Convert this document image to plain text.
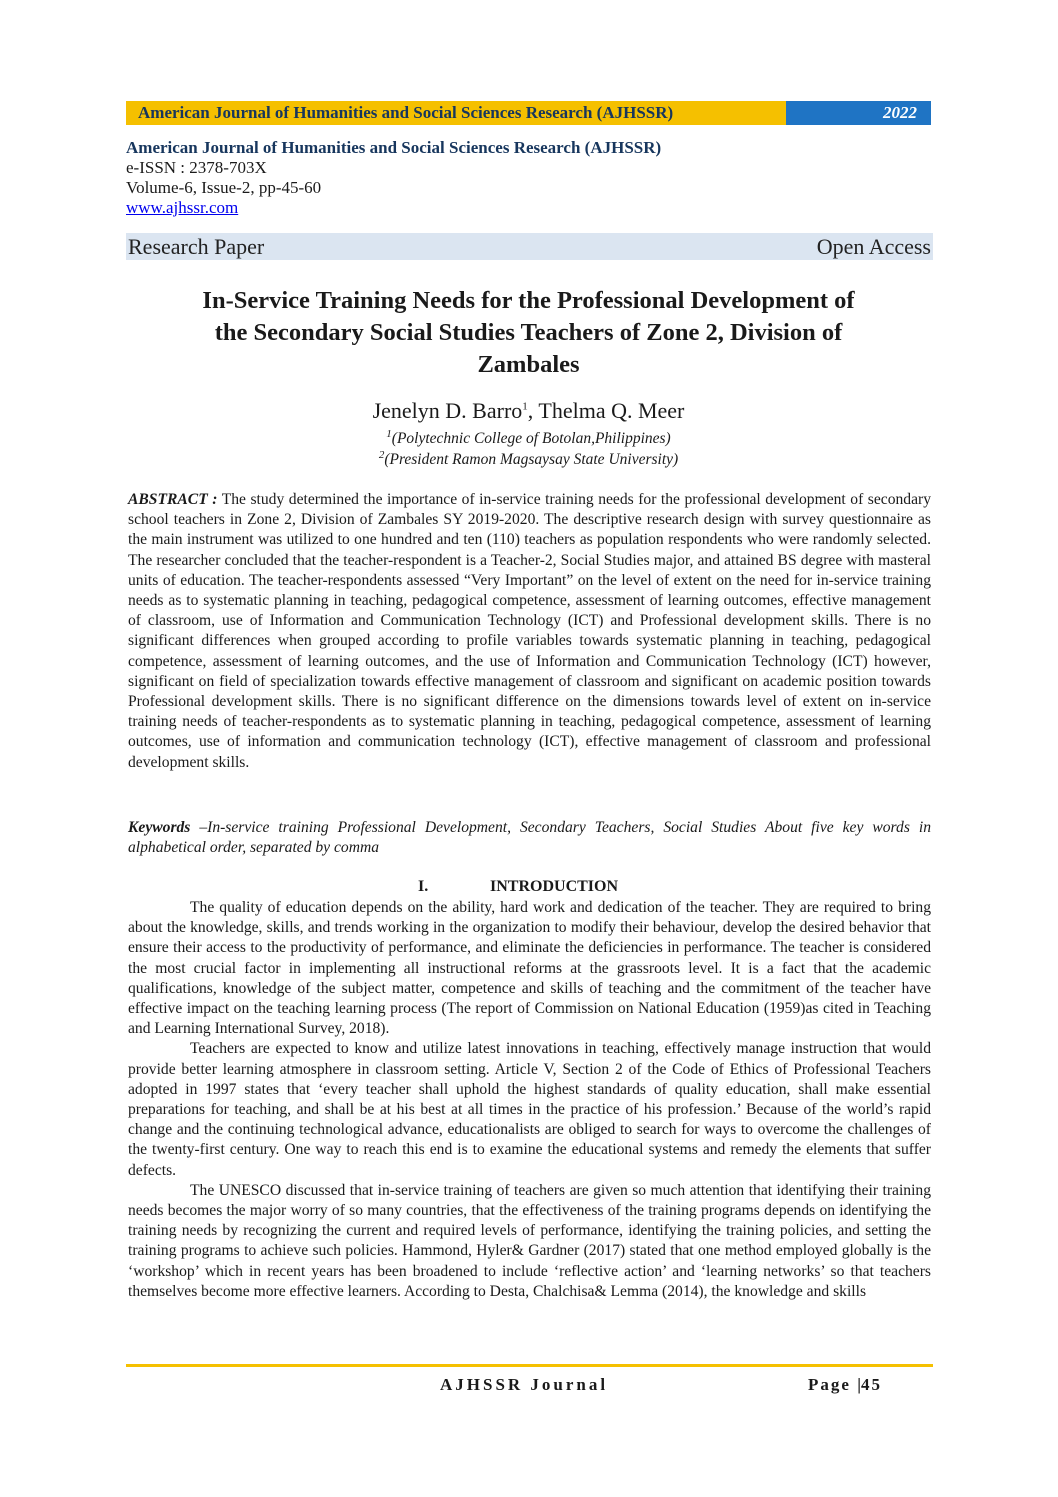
American Journal of Humanities and Social Sciences Research (AJHSSR)	2022
American Journal of Humanities and Social Sciences Research (AJHSSR)
e-ISSN : 2378-703X
Volume-6, Issue-2, pp-45-60
www.ajhssr.com
Research Paper	Open Access
In-Service Training Needs for the Professional Development of
the Secondary Social Studies Teachers of Zone 2, Division of
Zambales
Jenelyn D. Barro$^1$, Thelma Q. Meer
$^1$(Polytechnic College of Botolan,Philippines)
$^2$(President Ramon Magsaysay State University)
ABSTRACT : The study determined the importance of in-service training needs for the professional development of secondary school teachers in Zone 2, Division of Zambales SY 2019-2020. The descriptive research design with survey questionnaire as the main instrument was utilized to one hundred and ten (110) teachers as population respondents who were randomly selected. The researcher concluded that the teacher-respondent is a Teacher-2, Social Studies major, and attained BS degree with masteral units of education. The teacher-respondents assessed “Very Important” on the level of extent on the need for in-service training needs as to systematic planning in teaching, pedagogical competence, assessment of learning outcomes, effective management of classroom, use of Information and Communication Technology (ICT) and Professional development skills. There is no significant differences when grouped according to profile variables towards systematic planning in teaching, pedagogical competence, assessment of learning outcomes, and the use of Information and Communication Technology (ICT) however, significant on field of specialization towards effective management of classroom and significant on academic position towards Professional development skills. There is no significant difference on the dimensions towards level of extent on in-service training needs of teacher-respondents as to systematic planning in teaching, pedagogical competence, assessment of learning outcomes, use of information and communication technology (ICT), effective management of classroom and professional development skills.
Keywords –In-service training Professional Development, Secondary Teachers, Social Studies About five key words in alphabetical order, separated by comma
I.	INTRODUCTION

The quality of education depends on the ability, hard work and dedication of the teacher. They are required to bring about the knowledge, skills, and trends working in the organization to modify their behaviour, develop the desired behavior that ensure their access to the productivity of performance, and eliminate the deficiencies in performance. The teacher is considered the most crucial factor in implementing all instructional reforms at the grassroots level. It is a fact that the academic qualifications, knowledge of the subject matter, competence and skills of teaching and the commitment of the teacher have effective impact on the teaching learning process (The report of Commission on National Education (1959)as cited in Teaching and Learning International Survey, 2018).

Teachers are expected to know and utilize latest innovations in teaching, effectively manage instruction that would provide better learning atmosphere in classroom setting. Article V, Section 2 of the Code of Ethics of Professional Teachers adopted in 1997 states that ‘every teacher shall uphold the highest standards of quality education, shall make essential preparations for teaching, and shall be at his best at all times in the practice of his profession.’ Because of the world’s rapid change and the continuing technological advance, educationalists are obliged to search for ways to overcome the challenges of the twenty-first century. One way to reach this end is to examine the educational systems and remedy the elements that suffer defects.

The UNESCO discussed that in-service training of teachers are given so much attention that identifying their training needs becomes the major worry of so many countries, that the effectiveness of the training programs depends on identifying the training needs by recognizing the current and required levels of performance, identifying the training policies, and setting the training programs to achieve such policies. Hammond, Hyler& Gardner (2017) stated that one method employed globally is the ‘workshop’ which in recent years has been broadened to include ‘reflective action’ and ‘learning networks’ so that teachers themselves become more effective learners. According to Desta, Chalchisa& Lemma (2014), the knowledge and skills

AJHSSR Journal	Page |45
